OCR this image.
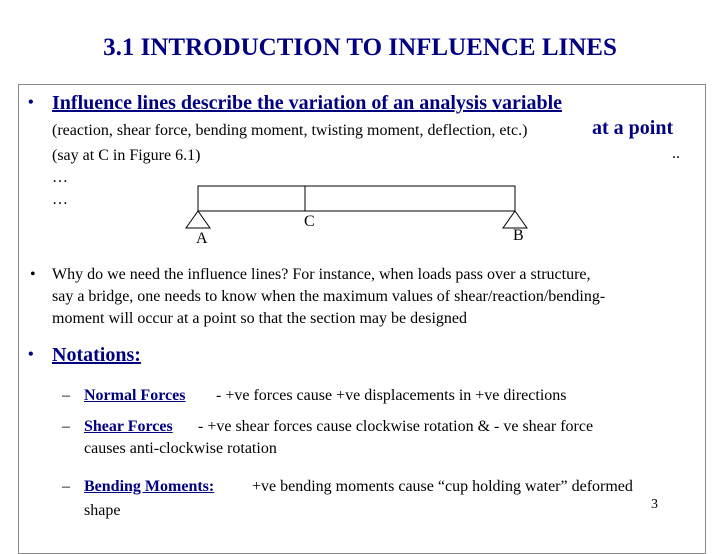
3.1 INTRODUCTION TO INFLUENCE LINES
• Influence lines describe the variation of an analysis variable
(reaction, shear force, bending moment, twisting moment, deflection, etc.)	at a point
(say at C in Figure 6.1)	..
…
…
A
C
B
• Why do we need the influence lines? For instance, when loads pass over a structure,
say a bridge, one needs to know when the maximum values of shear/reaction/bending-
moment will occur at a point so that the section may be designed
• Notations:
– Normal Forces - +ve forces cause +ve displacements in +ve directions
– Shear Forces - +ve shear forces cause clockwise rotation & - ve shear force
causes anti-clockwise rotation
– Bending Moments: +ve bending moments cause “cup holding water” deformed
shape	3
